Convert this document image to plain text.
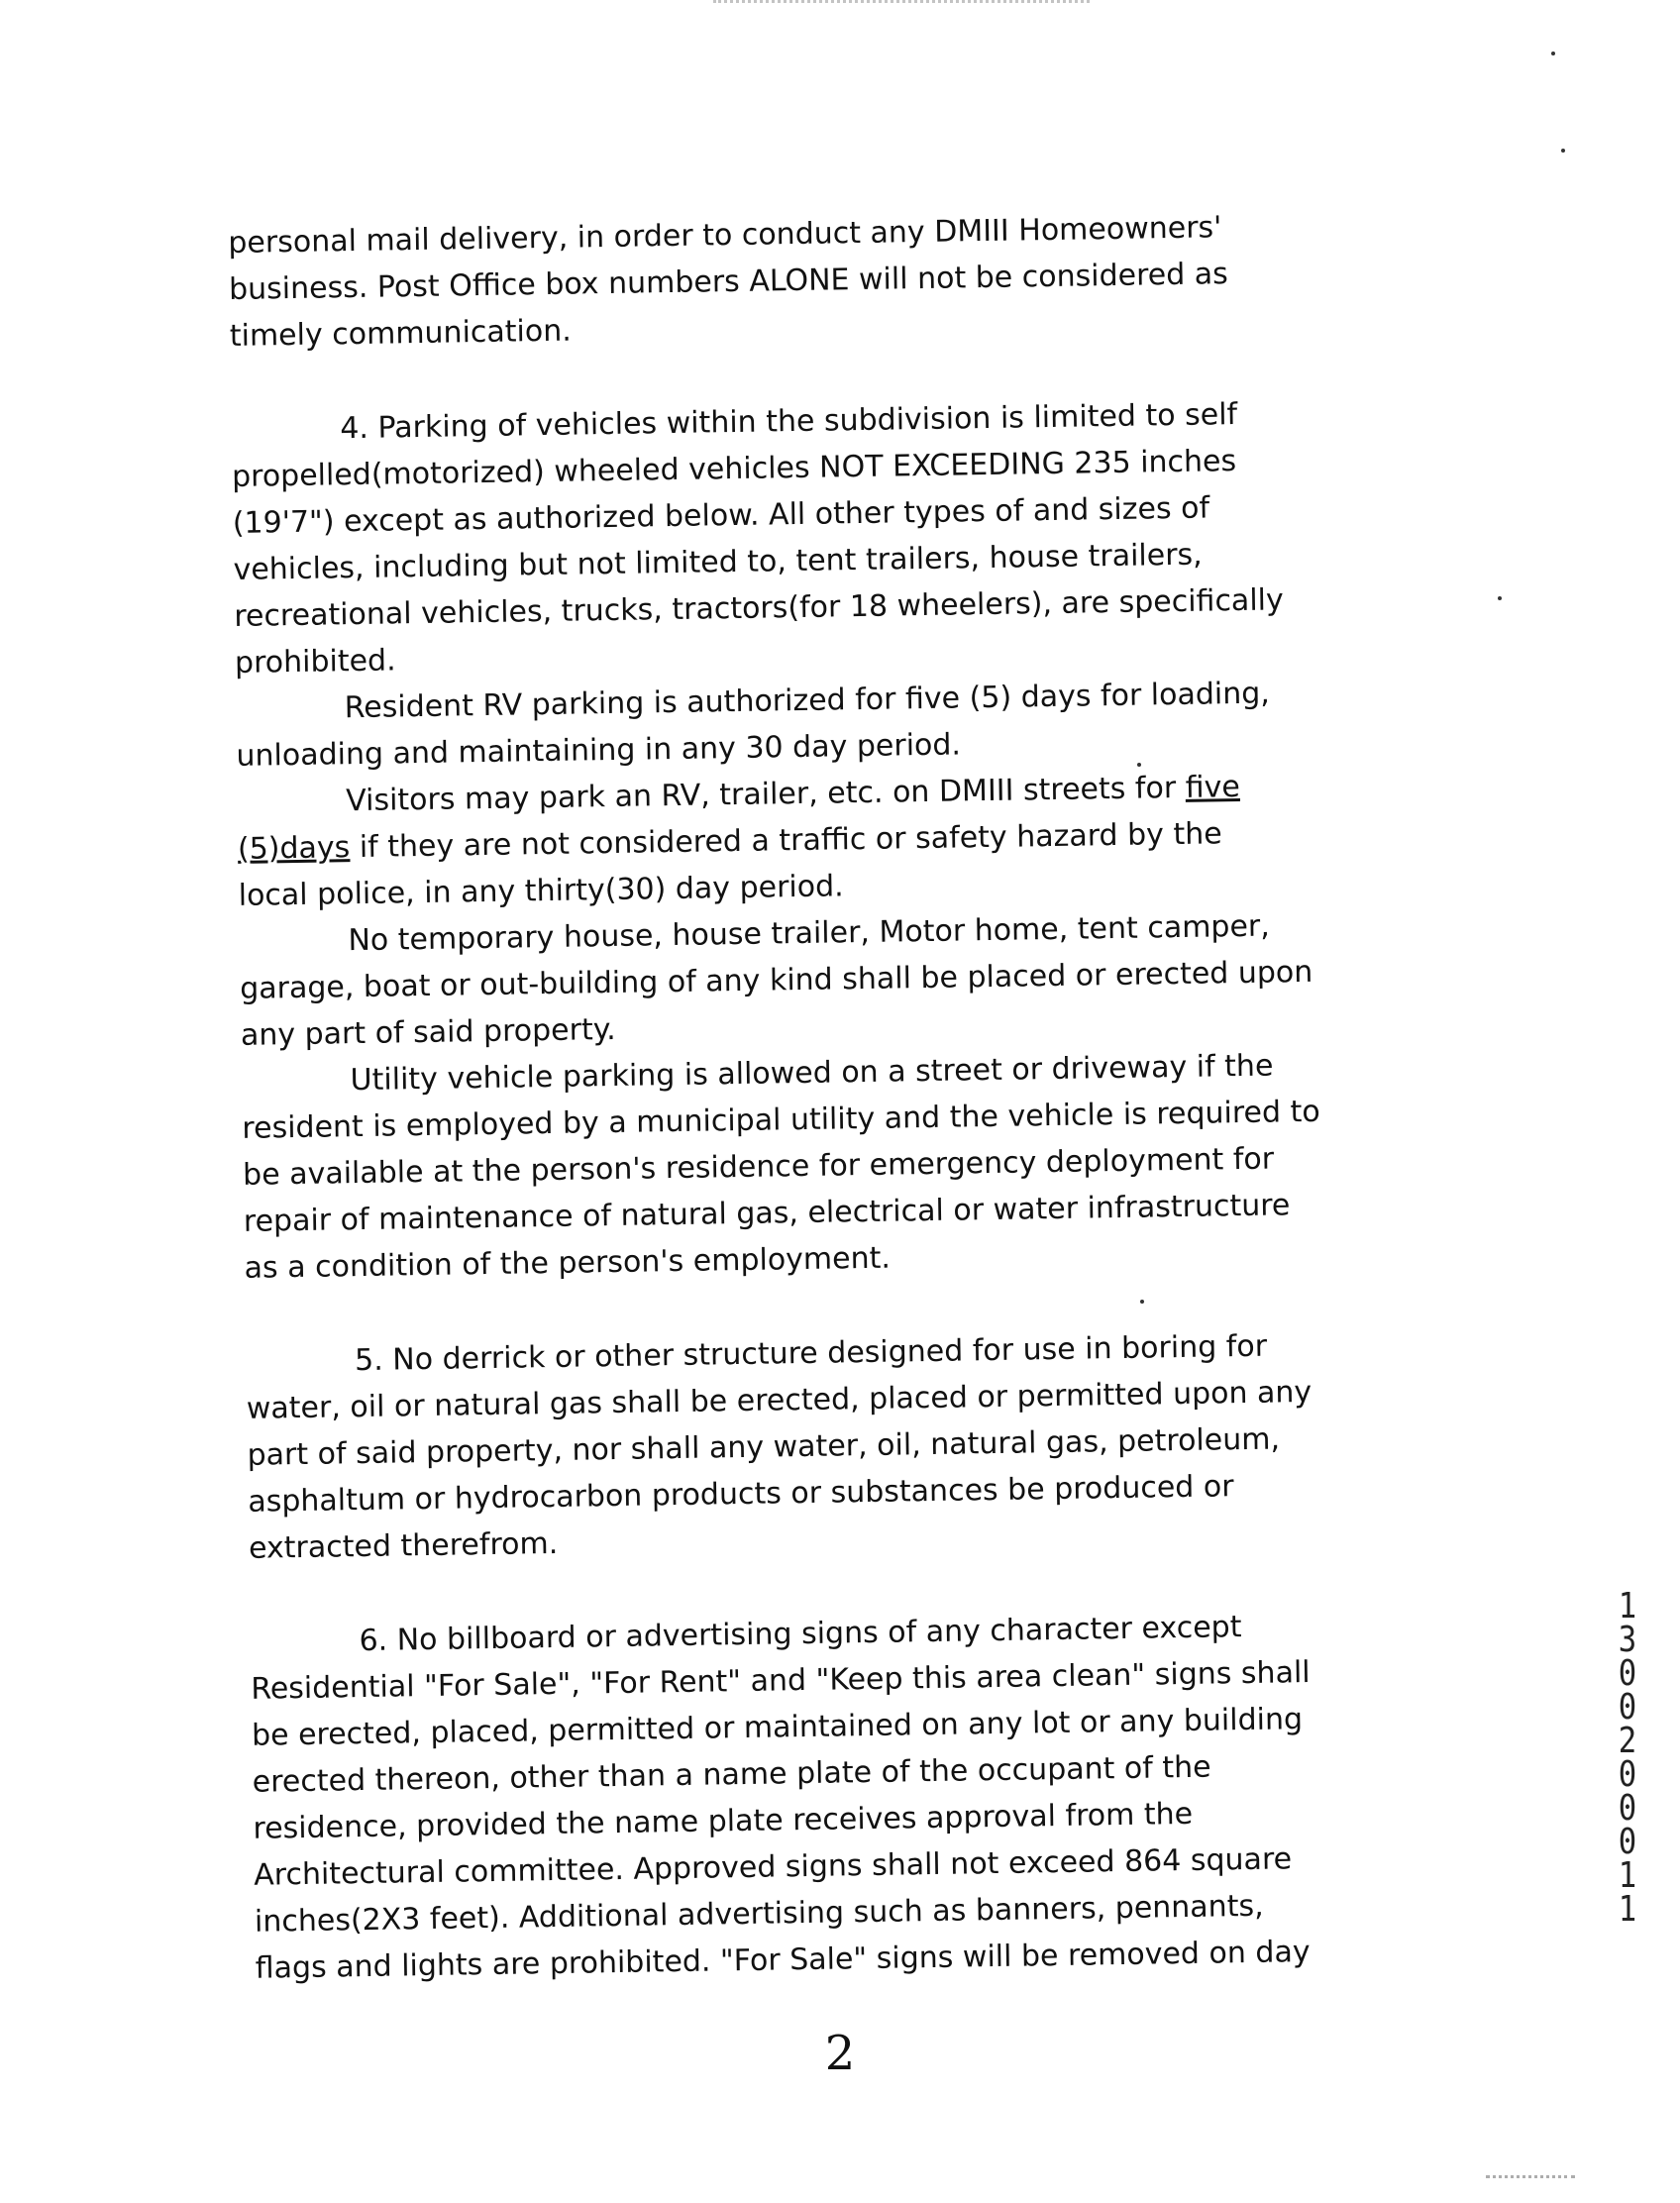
personal mail delivery, in order to conduct any DMIII Homeowners'
business. Post Office box numbers ALONE will not be considered as
timely communication.

4. Parking of vehicles within the subdivision is limited to self
propelled(motorized) wheeled vehicles NOT EXCEEDING 235 inches
(19'7") except as authorized below. All other types of and sizes of
vehicles, including but not limited to, tent trailers, house trailers,
recreational vehicles, trucks, tractors(for 18 wheelers), are specifically
prohibited.

Resident RV parking is authorized for five (5) days for loading,
unloading and maintaining in any 30 day period.

Visitors may park an RV, trailer, etc. on DMIII streets for five
(5)days if they are not considered a traffic or safety hazard by the
local police, in any thirty(30) day period.

No temporary house, house trailer, Motor home, tent camper,
garage, boat or out-building of any kind shall be placed or erected upon
any part of said property.

Utility vehicle parking is allowed on a street or driveway if the
resident is employed by a municipal utility and the vehicle is required to
be available at the person's residence for emergency deployment for
repair of maintenance of natural gas, electrical or water infrastructure
as a condition of the person's employment.

5. No derrick or other structure designed for use in boring for
water, oil or natural gas shall be erected, placed or permitted upon any
part of said property, nor shall any water, oil, natural gas, petroleum,
asphaltum or hydrocarbon products or substances be produced or
extracted therefrom.

6. No billboard or advertising signs of any character except
Residential "For Sale", "For Rent" and "Keep this area clean" signs shall
be erected, placed, permitted or maintained on any lot or any building
erected thereon, other than a name plate of the occupant of the
residence, provided the name plate receives approval from the
Architectural committee. Approved signs shall not exceed 864 square
inches(2X3 feet). Additional advertising such as banners, pennants,
flags and lights are prohibited. "For Sale" signs will be removed on day

1
3
0
0
2
0
0
0
1
1
2
